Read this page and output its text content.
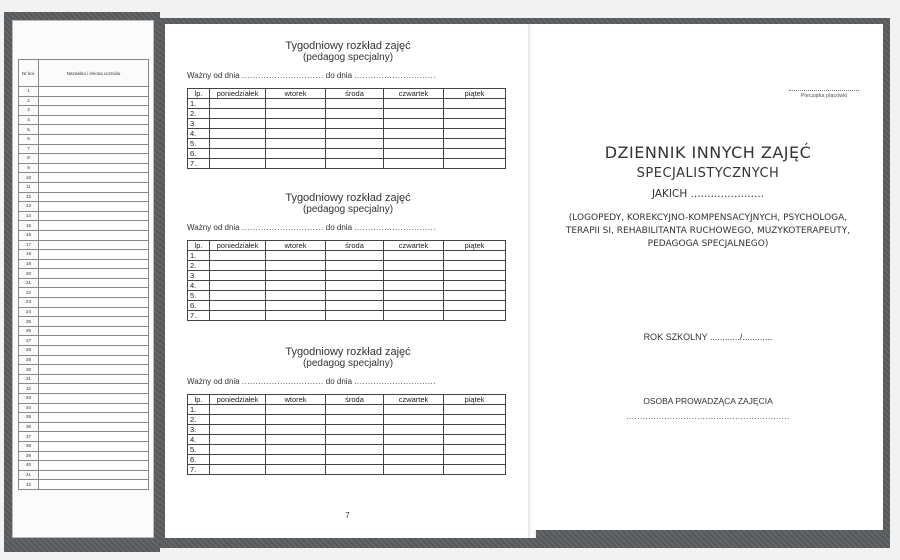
Nr kol.	Nazwisko i imiona uczniów
1	
2	
3	
4	
5	
6	
7	
8	
9	
10	
11	
12	
13	
14	
15	
16	
17	
18	
19	
20	
21	
22	
23	
24	
25	
26	
27	
28	
29	
30	
31	
32	
33	
34	
35	
36	
37	
38	
39	
40	
41	
42	
Tygodniowy rozkład zajęć
(pedagog specjalny)
Ważny od dnia .............................. do dnia ..............................
lp.	poniedziałek	wtorek	środa	czwartek	piątek
1.					
2.					
3.					
4.					
5.					
6.					
7.					
Tygodniowy rozkład zajęć
(pedagog specjalny)
Ważny od dnia .............................. do dnia ..............................
lp.	poniedziałek	wtorek	środa	czwartek	piątek
1.					
2.					
3.					
4.					
5.					
6.					
7.					
Tygodniowy rozkład zajęć
(pedagog specjalny)
Ważny od dnia .............................. do dnia ..............................
lp.	poniedziałek	wtorek	środa	czwartek	piątek
1.					
2.					
3.					
4.					
5.					
6.					
7.					
7
Pieczątka placówki
DZIENNIK INNYCH ZAJĘĆ
SPECJALISTYCZNYCH
JAKICH ......................
(LOGOPEDY, KOREKCYJNO-KOMPENSACYJNYCH, PSYCHOLOGA, TERAPII SI, REHABILITANTA RUCHOWEGO, MUZYKOTERAPEUTY, PEDAGOGA SPECJALNEGO)
ROK SZKOLNY ............/............
OSOBA PROWADZĄCA ZAJĘCIA
............................................................
